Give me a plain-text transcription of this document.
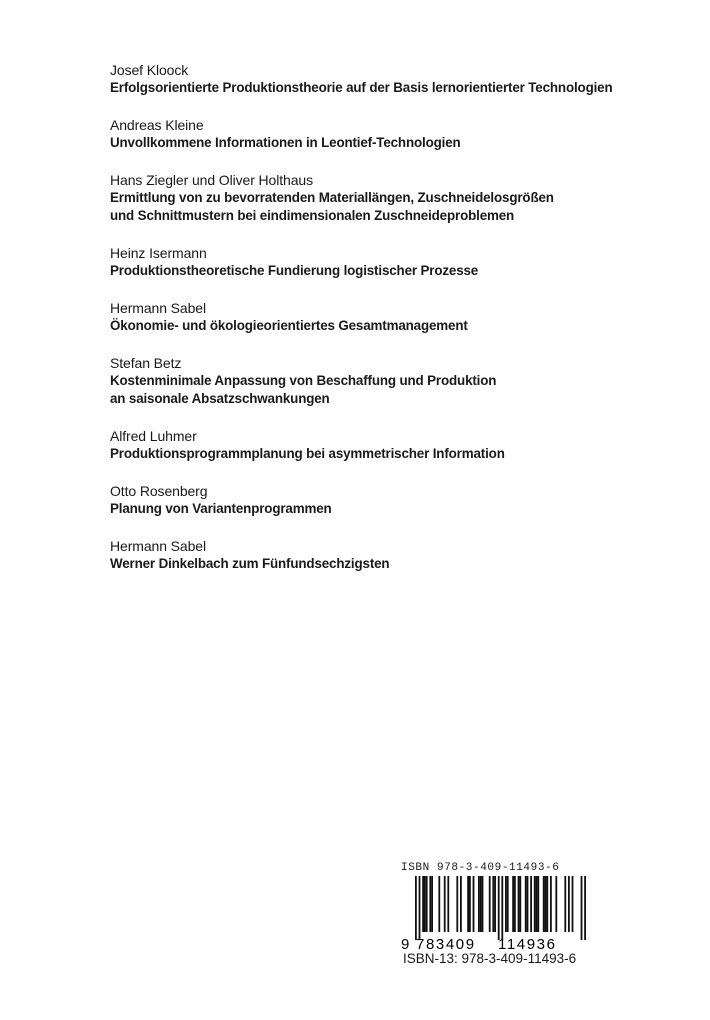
Josef Kloock
Erfolgsorientierte Produktionstheorie auf der Basis lernorientierter Technologien
Andreas Kleine
Unvollkommene Informationen in Leontief-Technologien
Hans Ziegler und Oliver Holthaus
Ermittlung von zu bevorratenden Materiallängen, Zuschneidelosgrößen
und Schnittmustern bei eindimensionalen Zuschneideproblemen
Heinz Isermann
Produktionstheoretische Fundierung logistischer Prozesse
Hermann Sabel
Ökonomie- und ökologieorientiertes Gesamtmanagement
Stefan Betz
Kostenminimale Anpassung von Beschaffung und Produktion
an saisonale Absatzschwankungen
Alfred Luhmer
Produktionsprogrammplanung bei asymmetrischer Information
Otto Rosenberg
Planung von Variantenprogrammen
Hermann Sabel
Werner Dinkelbach zum Fünfundsechzigsten
ISBN 978-3-409-11493-6
9 783409 114936
ISBN-13: 978-3-409-11493-6
